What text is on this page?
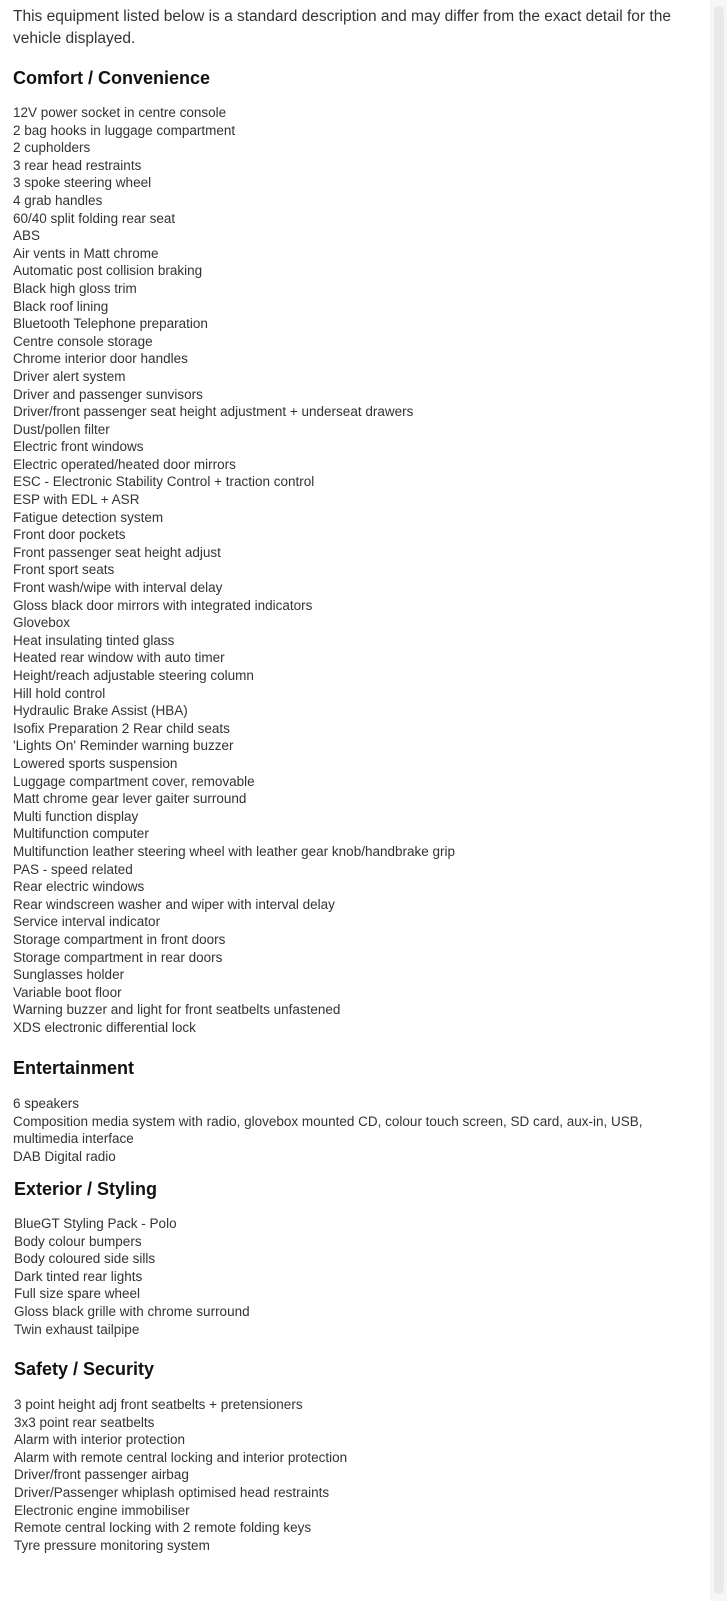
This equipment listed below is a standard description and may differ from the exact detail for the vehicle displayed.

Comfort / Convenience
12V power socket in centre console
2 bag hooks in luggage compartment
2 cupholders
3 rear head restraints
3 spoke steering wheel
4 grab handles
60/40 split folding rear seat
ABS
Air vents in Matt chrome
Automatic post collision braking
Black high gloss trim
Black roof lining
Bluetooth Telephone preparation
Centre console storage
Chrome interior door handles
Driver alert system
Driver and passenger sunvisors
Driver/front passenger seat height adjustment + underseat drawers
Dust/pollen filter
Electric front windows
Electric operated/heated door mirrors
ESC - Electronic Stability Control + traction control
ESP with EDL + ASR
Fatigue detection system
Front door pockets
Front passenger seat height adjust
Front sport seats
Front wash/wipe with interval delay
Gloss black door mirrors with integrated indicators
Glovebox
Heat insulating tinted glass
Heated rear window with auto timer
Height/reach adjustable steering column
Hill hold control
Hydraulic Brake Assist (HBA)
Isofix Preparation 2 Rear child seats
'Lights On' Reminder warning buzzer
Lowered sports suspension
Luggage compartment cover, removable
Matt chrome gear lever gaiter surround
Multi function display
Multifunction computer
Multifunction leather steering wheel with leather gear knob/handbrake grip
PAS - speed related
Rear electric windows
Rear windscreen washer and wiper with interval delay
Service interval indicator
Storage compartment in front doors
Storage compartment in rear doors
Sunglasses holder
Variable boot floor
Warning buzzer and light for front seatbelts unfastened
XDS electronic differential lock
Entertainment
6 speakers
Composition media system with radio, glovebox mounted CD, colour touch screen, SD card, aux-in, USB, multimedia interface
DAB Digital radio
Exterior / Styling
BlueGT Styling Pack - Polo
Body colour bumpers
Body coloured side sills
Dark tinted rear lights
Full size spare wheel
Gloss black grille with chrome surround
Twin exhaust tailpipe
Safety / Security
3 point height adj front seatbelts + pretensioners
3x3 point rear seatbelts
Alarm with interior protection
Alarm with remote central locking and interior protection
Driver/front passenger airbag
Driver/Passenger whiplash optimised head restraints
Electronic engine immobiliser
Remote central locking with 2 remote folding keys
Tyre pressure monitoring system
